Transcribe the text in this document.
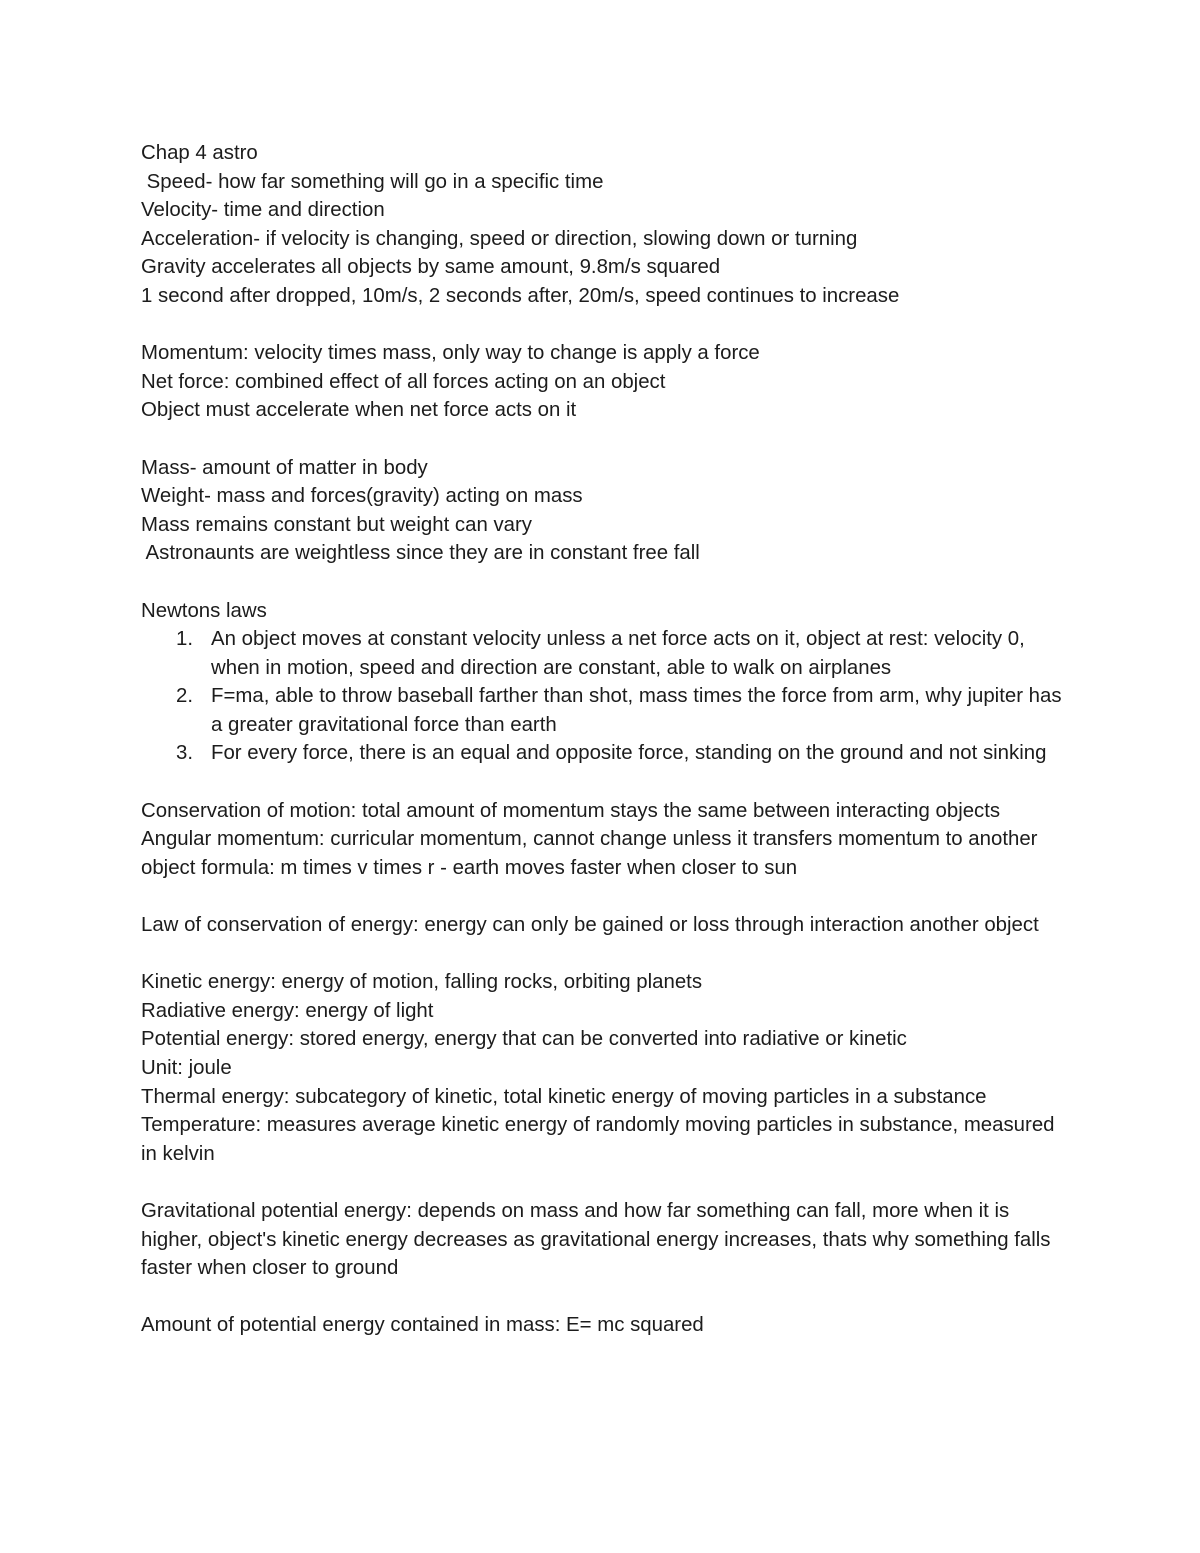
Chap 4 astro
Speed- how far something will go in a specific time
Velocity- time and direction
Acceleration- if velocity is changing, speed or direction, slowing down or turning
Gravity accelerates all objects by same amount, 9.8m/s squared
1 second after dropped, 10m/s, 2 seconds after, 20m/s, speed continues to increase
Momentum: velocity times mass, only way to change is apply a force
Net force: combined effect of all forces acting on an object
Object must accelerate when net force acts on it
Mass- amount of matter in body
Weight- mass and forces(gravity) acting on mass
Mass remains constant but weight can vary
Astronaunts are weightless since they are in constant free fall
Newtons laws
1. An object moves at constant velocity unless a net force acts on it, object at rest: velocity 0, when in motion, speed and direction are constant, able to walk on airplanes
2. F=ma, able to throw baseball farther than shot, mass times the force from arm, why jupiter has a greater gravitational force than earth
3. For every force, there is an equal and opposite force, standing on the ground and not sinking
Conservation of motion: total amount of momentum stays the same between interacting objects
Angular momentum: curricular momentum, cannot change unless it transfers momentum to another object formula: m times v times r - earth moves faster when closer to sun
Law of conservation of energy: energy can only be gained or loss through interaction another object
Kinetic energy: energy of motion, falling rocks, orbiting planets
Radiative energy: energy of light
Potential energy: stored energy, energy that can be converted into radiative or kinetic
Unit: joule
Thermal energy: subcategory of kinetic, total kinetic energy of moving particles in a substance
Temperature: measures average kinetic energy of randomly moving particles in substance, measured in kelvin
Gravitational potential energy: depends on mass and how far something can fall, more when it is higher, object's kinetic energy decreases as gravitational energy increases, thats why something falls faster when closer to ground
Amount of potential energy contained in mass: E= mc squared
